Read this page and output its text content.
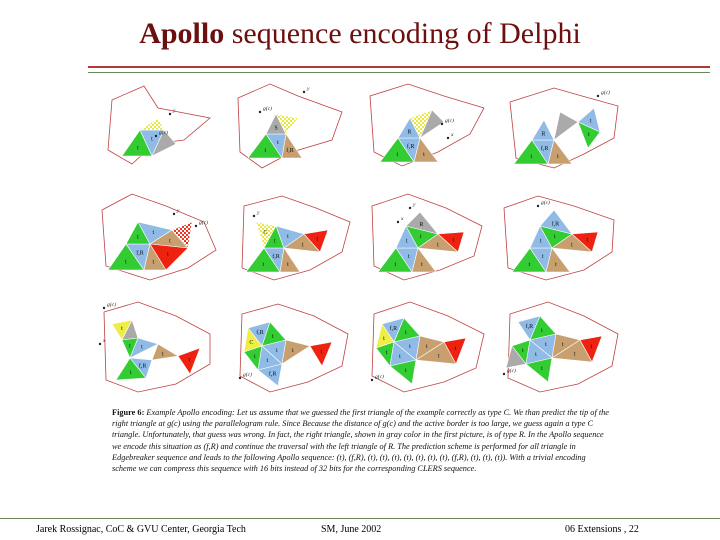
Apollo sequence encoding of Delphi
t
t
y
g(c)
t
t
f,R
S
g(c)
y
t
f,R
t
R
g(c)
x
t
f,R
t
R
t
t
g(c)
t
f,R
t
t
t
t
t
g(c)
y
t
f,R
t
C
t
t
t
t
y
t
t
t
t
t
R
t
t
y
x
t
t
t
t
t
f,R
t
t
g(c)
t
t t
t
f,R
t
t
g(c)
x
f,R
t
C
t
t t
t
f,R
t
g(c)
f,R
t
t
t
t t
t
t
t
t
g(c)
f,R
t
t
t t
t
t
t
t
g(c)
Figure 6: Example Apollo encoding: Let us assume that we guessed the first triangle of the example correctly as type C. We than predict the tip of the right triangle at g(c) using the parallelogram rule. Since Because the distance of g(c) and the active border is too large, we guess again a type C triangle. Unfortunately, that guess was wrong. In fact, the right triangle, shown in gray color in the first picture, is of type R. In the Apollo sequence we encode this situation as (f,R) and continue the traversal with the left triangle of R. The prediction scheme is performed for all triangle in Edgebreaker sequence and leads to the following Apollo sequence: (t), (f,R), (t), (t), (t), (t), (t), (t), (t), (f,R), (t), (t), (t)). With a trivial encoding scheme we can compress this sequence with 16 bits instead of 32 bits for the corresponding CLERS sequence.
Jarek Rossignac, CoC & GVU Center, Georgia Tech	SM, June 2002	06 Extensions , 22
